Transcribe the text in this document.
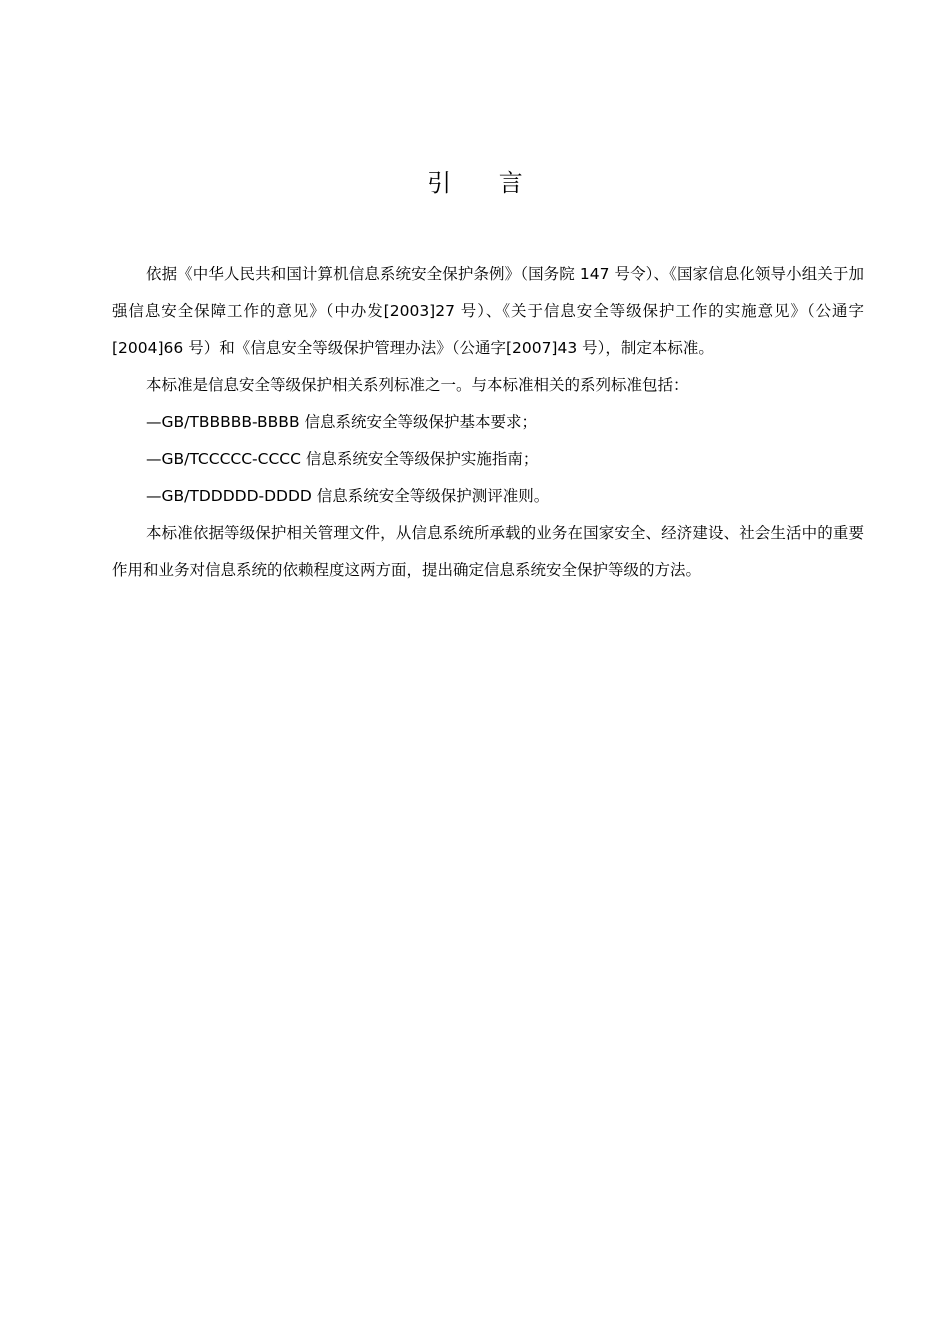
引 言

依据《中华人民共和国计算机信息系统安全保护条例》（国务院 147 号令）、《国家信息化领导小组关于加强信息安全保障工作的意见》（中办发[2003]27 号）、《关于信息安全等级保护工作的实施意见》（公通字[2004]66 号）和《信息安全等级保护管理办法》（公通字[2007]43 号），制定本标准。

本标准是信息安全等级保护相关系列标准之一。与本标准相关的系列标准包括：

—GB/TBBBBB-BBBB 信息系统安全等级保护基本要求；

—GB/TCCCCC-CCCC 信息系统安全等级保护实施指南；

—GB/TDDDDD-DDDD 信息系统安全等级保护测评准则。

本标准依据等级保护相关管理文件，从信息系统所承载的业务在国家安全、经济建设、社会生活中的重要作用和业务对信息系统的依赖程度这两方面，提出确定信息系统安全保护等级的方法。
